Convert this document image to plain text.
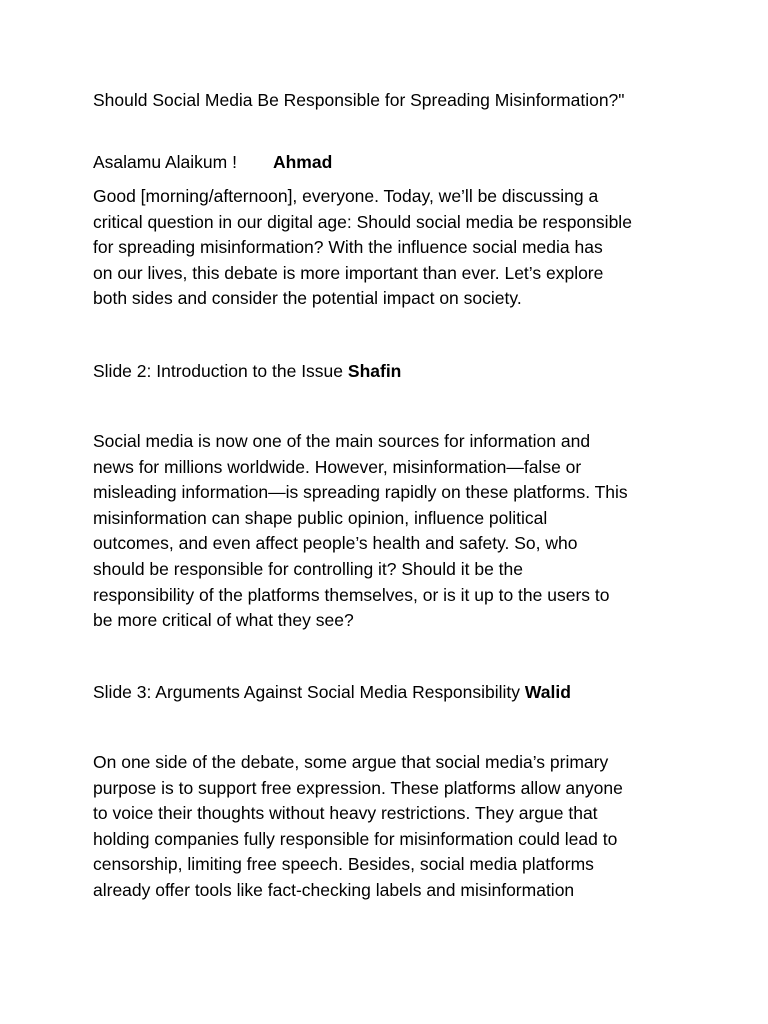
Should Social Media Be Responsible for Spreading Misinformation?"
Asalamu Alaikum ! Ahmad
Good [morning/afternoon], everyone. Today, we’ll be discussing a
critical question in our digital age: Should social media be responsible
for spreading misinformation? With the influence social media has
on our lives, this debate is more important than ever. Let’s explore
both sides and consider the potential impact on society.
Slide 2: Introduction to the Issue Shafin
Social media is now one of the main sources for information and
news for millions worldwide. However, misinformation—false or
misleading information—is spreading rapidly on these platforms. This
misinformation can shape public opinion, influence political
outcomes, and even affect people’s health and safety. So, who
should be responsible for controlling it? Should it be the
responsibility of the platforms themselves, or is it up to the users to
be more critical of what they see?
Slide 3: Arguments Against Social Media Responsibility Walid
On one side of the debate, some argue that social media’s primary
purpose is to support free expression. These platforms allow anyone
to voice their thoughts without heavy restrictions. They argue that
holding companies fully responsible for misinformation could lead to
censorship, limiting free speech. Besides, social media platforms
already offer tools like fact-checking labels and misinformation
